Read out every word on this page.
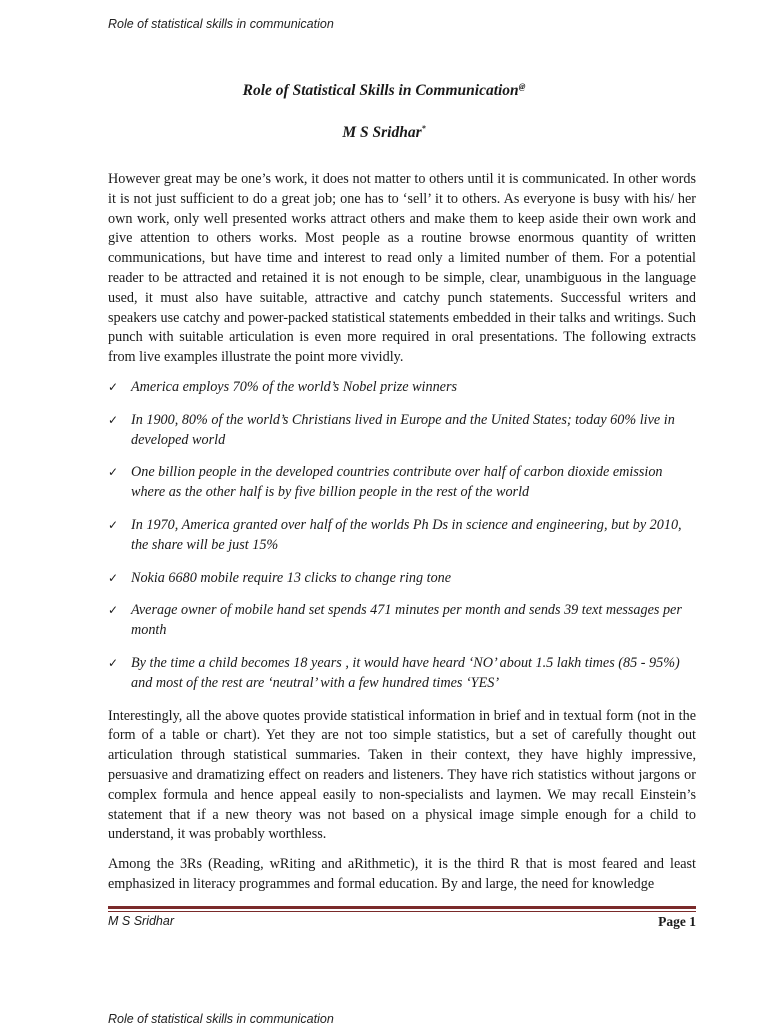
Role of statistical skills in communication
Role of Statistical Skills in Communication@
M S Sridhar*

However great may be one’s work, it does not matter to others until it is communicated. In other words it is not just sufficient to do a great job; one has to ‘sell’ it to others. As everyone is busy with his/ her own work, only well presented works attract others and make them to keep aside their own work and give attention to others works. Most people as a routine browse enormous quantity of written communications, but have time and interest to read only a limited number of them. For a potential reader to be attracted and retained it is not enough to be simple, clear, unambiguous in the language used, it must also have suitable, attractive and catchy punch statements. Successful writers and speakers use catchy and power-packed statistical statements embedded in their talks and writings. Such punch with suitable articulation is even more required in oral presentations. The following extracts from live examples illustrate the point more vividly.

✓ America employs 70% of the world’s Nobel prize winners
✓ In 1900, 80% of the world’s Christians lived in Europe and the United States; today 60% live in developed world
✓ One billion people in the developed countries contribute over half of carbon dioxide emission where as the other half is by five billion people in the rest of the world
✓ In 1970, America granted over half of the worlds Ph Ds in science and engineering, but by 2010, the share will be just 15%
✓ Nokia 6680 mobile require 13 clicks to change ring tone
✓ Average owner of mobile hand set spends 471 minutes per month and sends 39 text messages per month
✓ By the time a child becomes 18 years , it would have heard ‘NO’ about 1.5 lakh times (85 - 95%) and most of the rest are ‘neutral’ with a few hundred times ‘YES’

Interestingly, all the above quotes provide statistical information in brief and in textual form (not in the form of a table or chart). Yet they are not too simple statistics, but a set of carefully thought out articulation through statistical summaries. Taken in their context, they have highly impressive, persuasive and dramatizing effect on readers and listeners. They have rich statistics without jargons or complex formula and hence appeal easily to non-specialists and laymen. We may recall Einstein’s statement that if a new theory was not based on a physical image simple enough for a child to understand, it was probably worthless.

Among the 3Rs (Reading, wRiting and aRithmetic), it is the third R that is most feared and least emphasized in literacy programmes and formal education. By and large, the need for knowledge

M S Sridhar	Page 1
Role of statistical skills in communication
